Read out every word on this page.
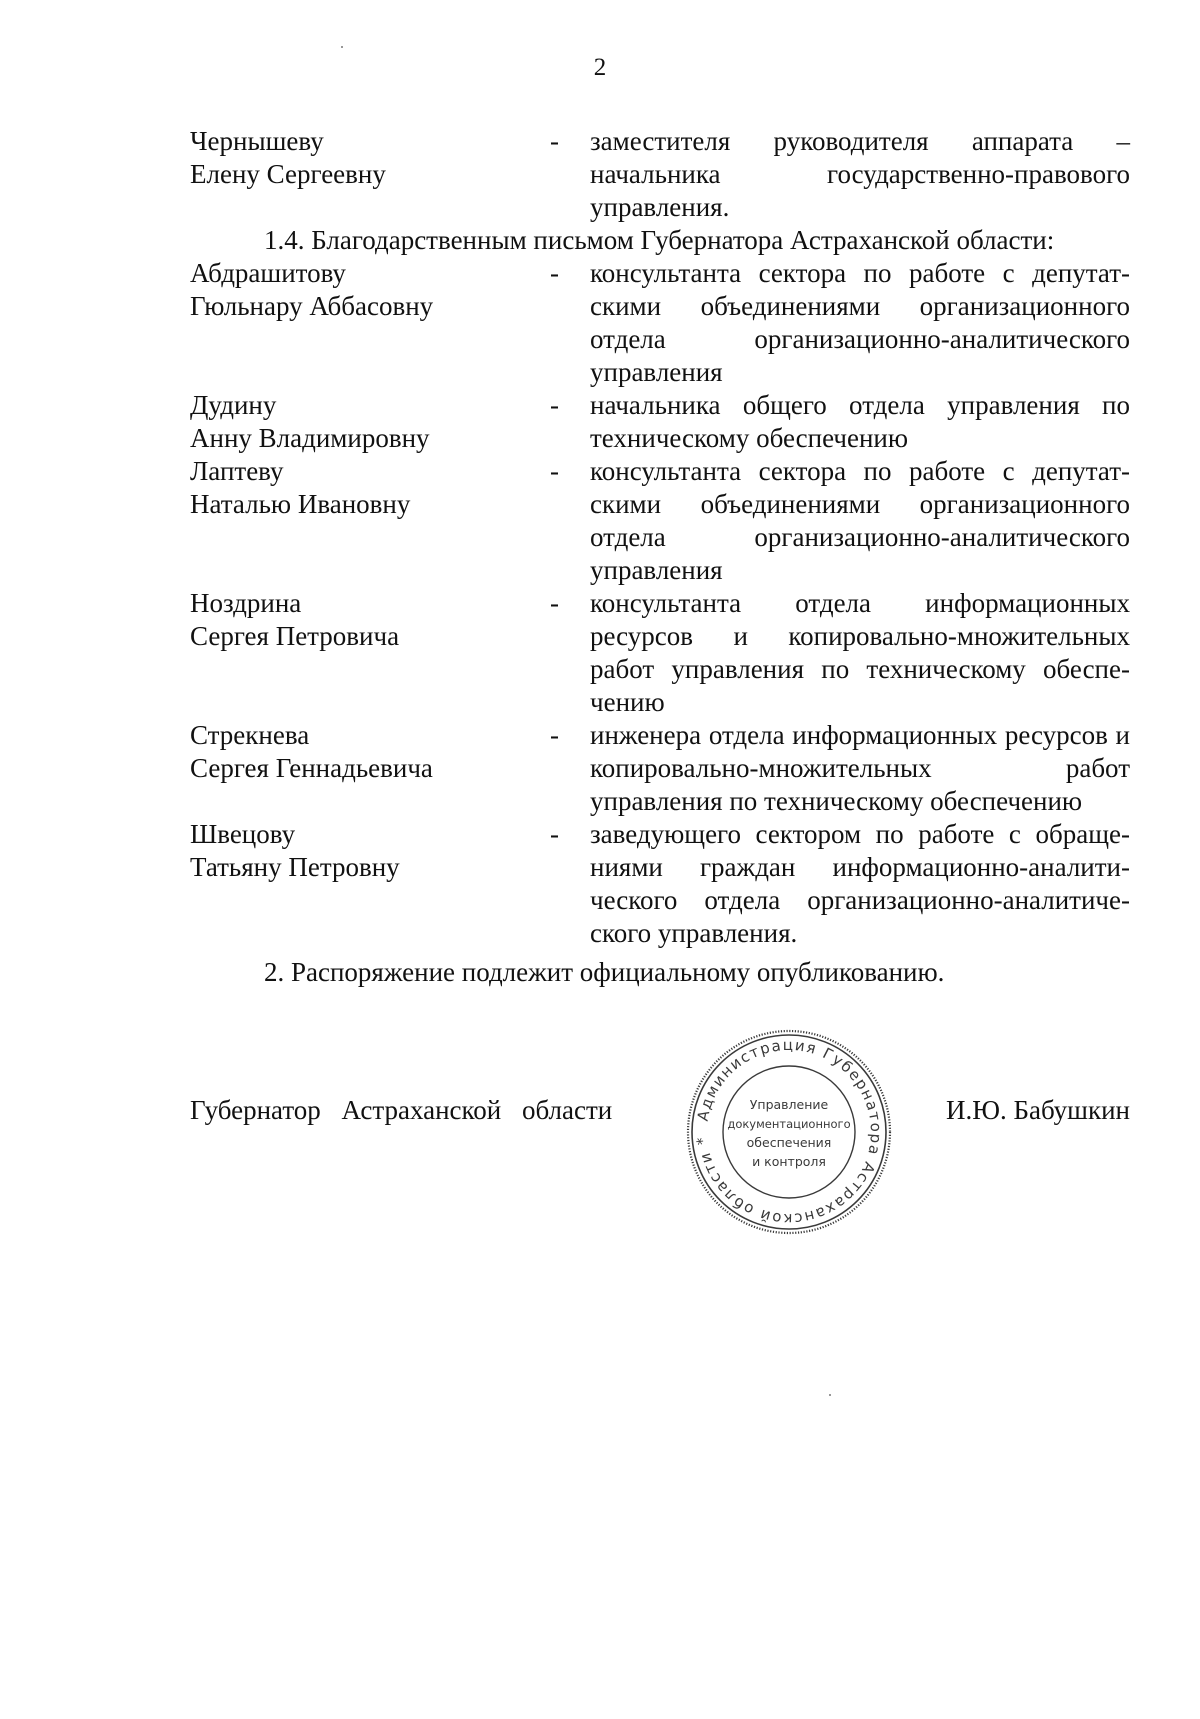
2
Чернышеву
Елену Сергеевну
-	заместителя руководителя аппарата – начальника государственно-правового управления.
1.4. Благодарственным письмом Губернатора Астраханской области:
Абдрашитову
Гюльнару Аббасовну
-	консультанта сектора по работе с депутатскими объединениями организационного отдела организационно-аналитического управления
Дудину
Анну Владимировну
-	начальника общего отдела управления по техническому обеспечению
Лаптеву
Наталью Ивановну
-	консультанта сектора по работе с депутатскими объединениями организационного отдела организационно-аналитического управления
Ноздрина
Сергея Петровича
-	консультанта отдела информационных ресурсов и копировально-множительных работ управления по техническому обеспечению
Стрекнева
Сергея Геннадьевича
-	инженера отдела информационных ресурсов и копировально-множительных работ управления по техническому обеспечению
Швецову
Татьяну Петровну
-	заведующего сектором по работе с обращениями граждан информационно-аналитического отдела организационно-аналитического управления.
2. Распоряжение подлежит официальному опубликованию.
Губернатор Астраханской области	И.Ю. Бабушкин
Администрация Губернатора Астраханской области *
Управление
документационного
обеспечения
и контроля
